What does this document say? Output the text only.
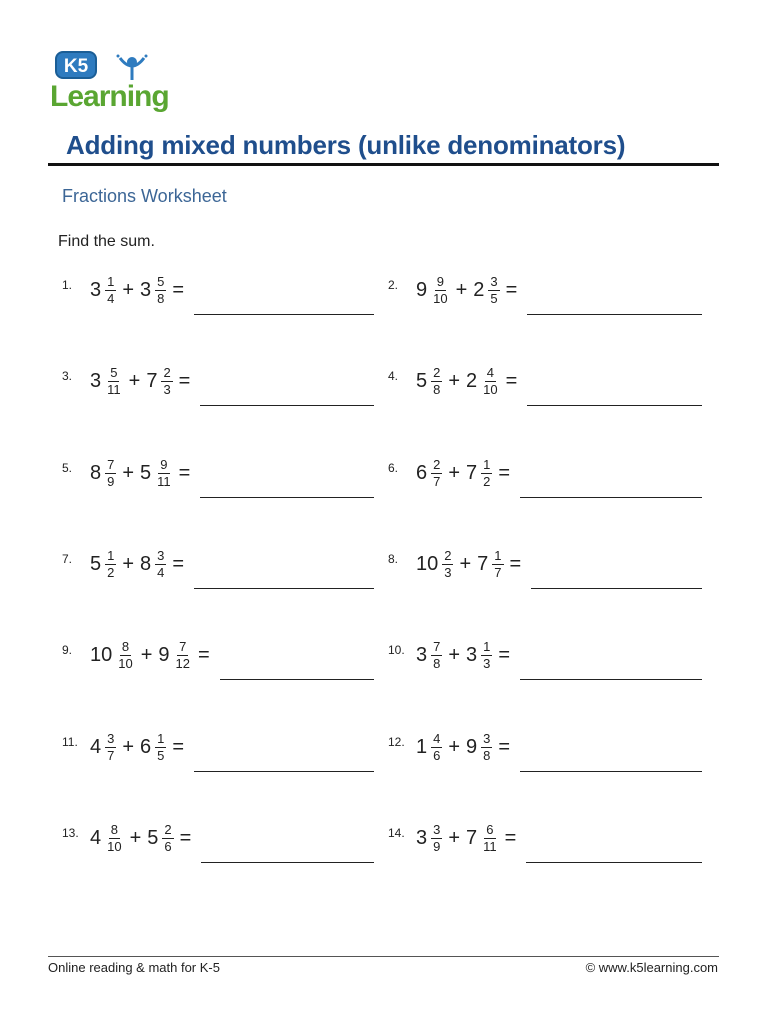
K5
Learning
Adding mixed numbers (unlike denominators)
Fractions Worksheet
Find the sum.
1. $3 \frac{1}{4} + 3 \frac{5}{8}$ =	2. $9 \frac{9}{10} + 2 \frac{3}{5}$ =
3. $3 \frac{5}{11} + 7 \frac{2}{3}$ =	4. $5 \frac{2}{8} + 2 \frac{4}{10}$ =
5. $8 \frac{7}{9} + 5 \frac{9}{11}$ =	6. $6 \frac{2}{7} + 7 \frac{1}{2}$ =
7. $5 \frac{1}{2} + 8 \frac{3}{4}$ =	8. $10 \frac{2}{3} + 7 \frac{1}{7}$ =
9. $10 \frac{8}{10} + 9 \frac{7}{12}$ =	10. $3 \frac{7}{8} + 3 \frac{1}{3}$ =
11. $4 \frac{3}{7} + 6 \frac{1}{5}$ =	12. $1 \frac{4}{6} + 9 \frac{3}{8}$ =
13. $4 \frac{8}{10} + 5 \frac{2}{6}$ =	14. $3 \frac{3}{9} + 7 \frac{6}{11}$ =
Online reading & math for K-5	© www.k5learning.com
